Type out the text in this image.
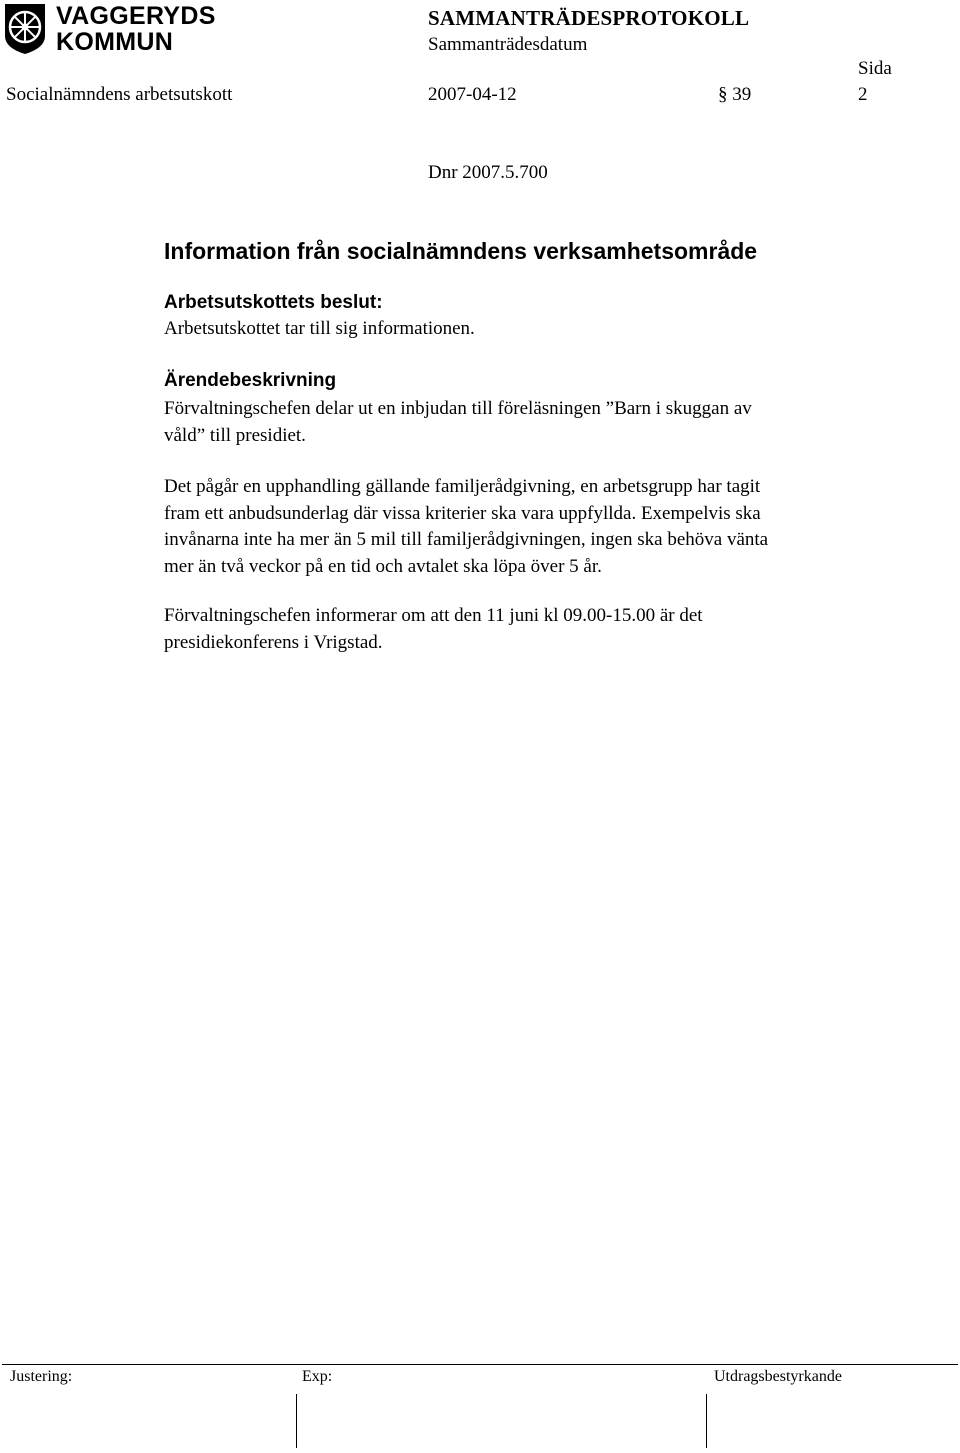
VAGGERYDS
KOMMUN
SAMMANTRÄDESPROTOKOLL
Sammanträdesdatum
Sida
Socialnämndens arbetsutskott	2007-04-12	§ 39	2
Dnr 2007.5.700
Information från socialnämndens verksamhetsområde
Arbetsutskottets beslut:
Arbetsutskottet tar till sig informationen.
Ärendebeskrivning
Förvaltningschefen delar ut en inbjudan till föreläsningen ”Barn i skuggan av
våld” till presidiet.
Det pågår en upphandling gällande familjerådgivning, en arbetsgrupp har tagit
fram ett anbudsunderlag där vissa kriterier ska vara uppfyllda. Exempelvis ska
invånarna inte ha mer än 5 mil till familjerådgivningen, ingen ska behöva vänta
mer än två veckor på en tid och avtalet ska löpa över 5 år.
Förvaltningschefen informerar om att den 11 juni kl 09.00-15.00 är det
presidiekonferens i Vrigstad.
Justering:	Exp:	Utdragsbestyrkande
